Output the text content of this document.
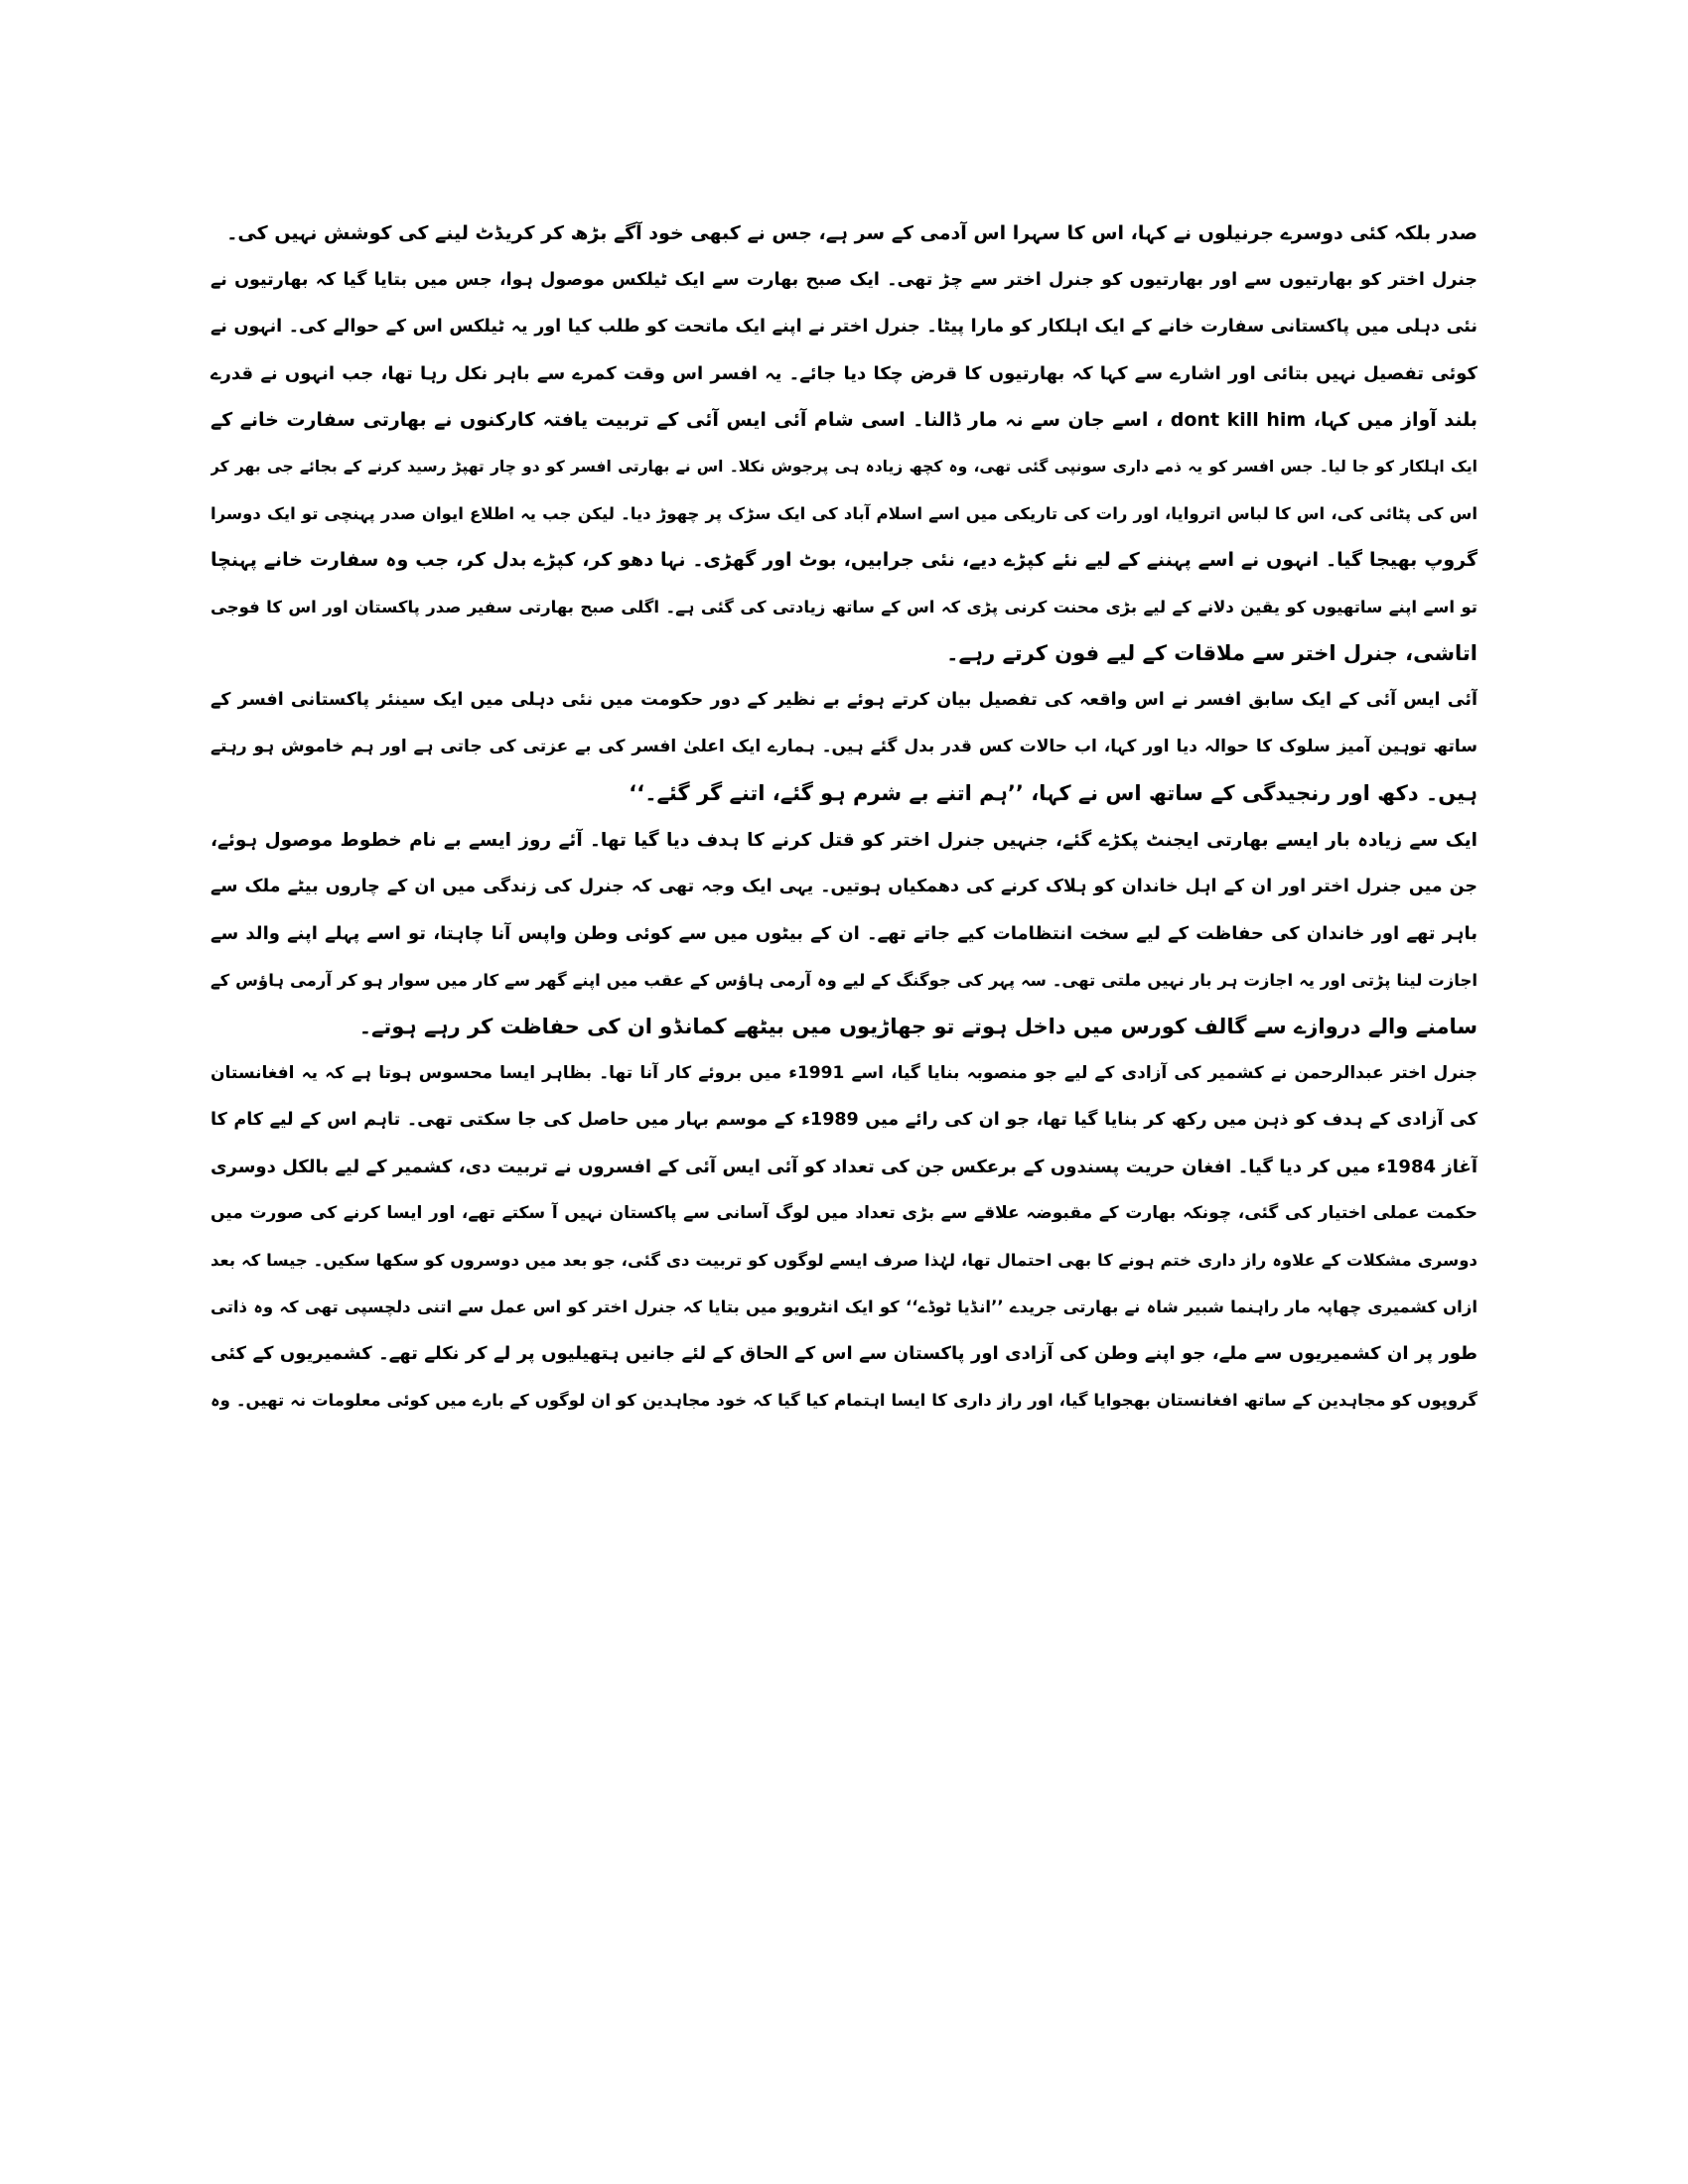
صدر بلکہ کئی دوسرے جرنیلوں نے کہا، اس کا سہرا اس آدمی کے سر ہے، جس نے کبھی خود آگے بڑھ کر کریڈٹ لینے کی کوشش نہیں کی۔
جنرل اختر کو بھارتیوں سے اور بھارتیوں کو جنرل اختر سے چڑ تھی۔ ایک صبح بھارت سے ایک ٹیلکس موصول ہوا، جس میں بتایا گیا کہ بھارتیوں نے
نئی دہلی میں پاکستانی سفارت خانے کے ایک اہلکار کو مارا پیٹا۔ جنرل اختر نے اپنے ایک ماتحت کو طلب کیا اور یہ ٹیلکس اس کے حوالے کی۔ انہوں نے
کوئی تفصیل نہیں بتائی اور اشارے سے کہا کہ بھارتیوں کا قرض چکا دیا جائے۔ یہ افسر اس وقت کمرے سے باہر نکل رہا تھا، جب انہوں نے قدرے
بلند آواز میں کہا، dont kill him ، اسے جان سے نہ مار ڈالنا۔ اسی شام آئی ایس آئی کے تربیت یافتہ کارکنوں نے بھارتی سفارت خانے کے
ایک اہلکار کو جا لیا۔ جس افسر کو یہ ذمے داری سونپی گئی تھی، وہ کچھ زیادہ ہی پرجوش نکلا۔ اس نے بھارتی افسر کو دو چار تھپڑ رسید کرنے کے بجائے جی بھر کر
اس کی پٹائی کی، اس کا لباس اتروایا، اور رات کی تاریکی میں اسے اسلام آباد کی ایک سڑک پر چھوڑ دیا۔ لیکن جب یہ اطلاع ایوان صدر پہنچی تو ایک دوسرا
گروپ بھیجا گیا۔ انہوں نے اسے پہننے کے لیے نئے کپڑے دیے، نئی جرابیں، بوٹ اور گھڑی۔ نہا دھو کر، کپڑے بدل کر، جب وہ سفارت خانے پہنچا
تو اسے اپنے ساتھیوں کو یقین دلانے کے لیے بڑی محنت کرنی پڑی کہ اس کے ساتھ زیادتی کی گئی ہے۔ اگلی صبح بھارتی سفیر صدر پاکستان اور اس کا فوجی
اتاشی، جنرل اختر سے ملاقات کے لیے فون کرتے رہے۔
آئی ایس آئی کے ایک سابق افسر نے اس واقعہ کی تفصیل بیان کرتے ہوئے بے نظیر کے دور حکومت میں نئی دہلی میں ایک سینئر پاکستانی افسر کے
ساتھ توہین آمیز سلوک کا حوالہ دیا اور کہا، اب حالات کس قدر بدل گئے ہیں۔ ہمارے ایک اعلیٰ افسر کی بے عزتی کی جاتی ہے اور ہم خاموش ہو رہتے
ہیں۔ دکھ اور رنجیدگی کے ساتھ اس نے کہا، ’’ہم اتنے بے شرم ہو گئے، اتنے گر گئے۔‘‘
ایک سے زیادہ بار ایسے بھارتی ایجنٹ پکڑے گئے، جنہیں جنرل اختر کو قتل کرنے کا ہدف دیا گیا تھا۔ آئے روز ایسے بے نام خطوط موصول ہوئے،
جن میں جنرل اختر اور ان کے اہل خاندان کو ہلاک کرنے کی دھمکیاں ہوتیں۔ یہی ایک وجہ تھی کہ جنرل کی زندگی میں ان کے چاروں بیٹے ملک سے
باہر تھے اور خاندان کی حفاظت کے لیے سخت انتظامات کیے جاتے تھے۔ ان کے بیٹوں میں سے کوئی وطن واپس آنا چاہتا، تو اسے پہلے اپنے والد سے
اجازت لینا پڑتی اور یہ اجازت ہر بار نہیں ملتی تھی۔ سہ پہر کی جوگنگ کے لیے وہ آرمی ہاؤس کے عقب میں اپنے گھر سے کار میں سوار ہو کر آرمی ہاؤس کے
سامنے والے دروازے سے گالف کورس میں داخل ہوتے تو جھاڑیوں میں بیٹھے کمانڈو ان کی حفاظت کر رہے ہوتے۔
جنرل اختر عبدالرحمن نے کشمیر کی آزادی کے لیے جو منصوبہ بنایا گیا، اسے 1991ء میں بروئے کار آنا تھا۔ بظاہر ایسا محسوس ہوتا ہے کہ یہ افغانستان
کی آزادی کے ہدف کو ذہن میں رکھ کر بنایا گیا تھا، جو ان کی رائے میں 1989ء کے موسم بہار میں حاصل کی جا سکتی تھی۔ تاہم اس کے لیے کام کا
آغاز 1984ء میں کر دیا گیا۔ افغان حریت پسندوں کے برعکس جن کی تعداد کو آئی ایس آئی کے افسروں نے تربیت دی، کشمیر کے لیے بالکل دوسری
حکمت عملی اختیار کی گئی، چونکہ بھارت کے مقبوضہ علاقے سے بڑی تعداد میں لوگ آسانی سے پاکستان نہیں آ سکتے تھے، اور ایسا کرنے کی صورت میں
دوسری مشکلات کے علاوہ راز داری ختم ہونے کا بھی احتمال تھا، لہٰذا صرف ایسے لوگوں کو تربیت دی گئی، جو بعد میں دوسروں کو سکھا سکیں۔ جیسا کہ بعد
ازاں کشمیری چھاپہ مار راہنما شبیر شاہ نے بھارتی جریدے ’’انڈیا ٹوڈے‘‘ کو ایک انٹرویو میں بتایا کہ جنرل اختر کو اس عمل سے اتنی دلچسپی تھی کہ وہ ذاتی
طور پر ان کشمیریوں سے ملے، جو اپنے وطن کی آزادی اور پاکستان سے اس کے الحاق کے لئے جانیں ہتھیلیوں پر لے کر نکلے تھے۔ کشمیریوں کے کئی
گروپوں کو مجاہدین کے ساتھ افغانستان بھجوایا گیا، اور راز داری کا ایسا اہتمام کیا گیا کہ خود مجاہدین کو ان لوگوں کے بارے میں کوئی معلومات نہ تھیں۔ وہ
